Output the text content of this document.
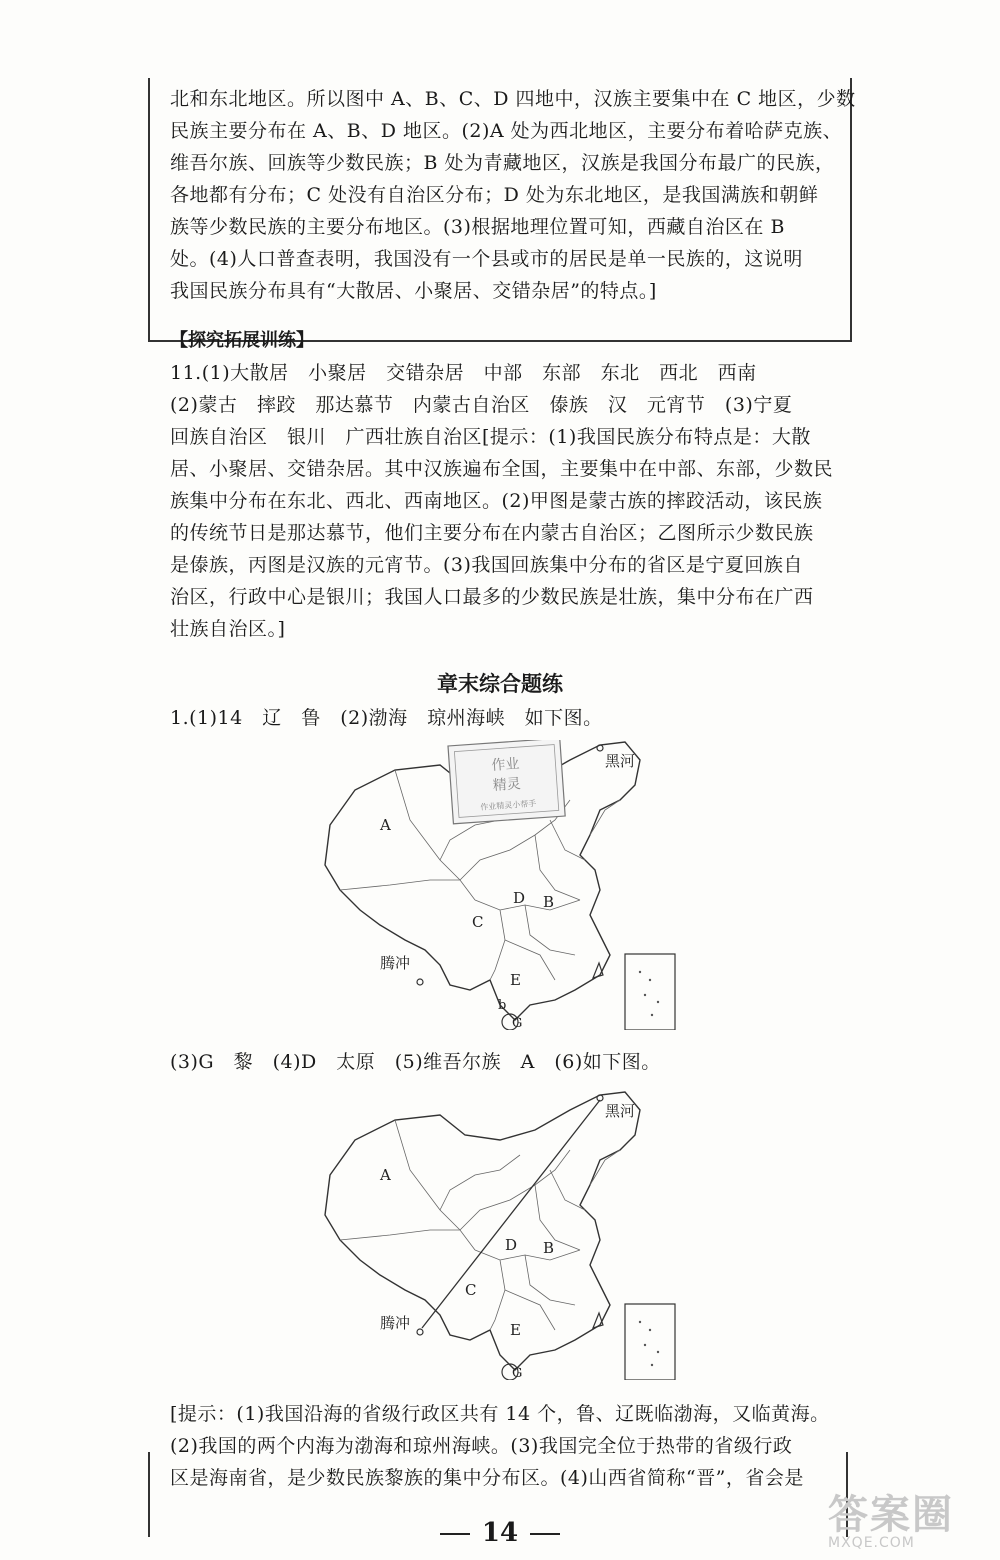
北和东北地区。所以图中 A、B、C、D 四地中，汉族主要集中在 C 地区，少数
民族主要分布在 A、B、D 地区。(2)A 处为西北地区，主要分布着哈萨克族、
维吾尔族、回族等少数民族；B 处为青藏地区，汉族是我国分布最广的民族，
各地都有分布；C 处没有自治区分布；D 处为东北地区，是我国满族和朝鲜
族等少数民族的主要分布地区。(3)根据地理位置可知，西藏自治区在 B
处。(4)人口普查表明，我国没有一个县或市的居民是单一民族的，这说明
我国民族分布具有“大散居、小聚居、交错杂居”的特点。]
【探究拓展训练】
11.(1)大散居　小聚居　交错杂居　中部　东部　东北　西北　西南
(2)蒙古　摔跤　那达慕节　内蒙古自治区　傣族　汉　元宵节　(3)宁夏
回族自治区　银川　广西壮族自治区[提示：(1)我国民族分布特点是：大散
居、小聚居、交错杂居。其中汉族遍布全国，主要集中在中部、东部，少数民
族集中分布在东北、西北、西南地区。(2)甲图是蒙古族的摔跤活动，该民族
的传统节日是那达慕节，他们主要分布在内蒙古自治区；乙图所示少数民族
是傣族，丙图是汉族的元宵节。(3)我国回族集中分布的省区是宁夏回族自
治区，行政中心是银川；我国人口最多的少数民族是壮族，集中分布在广西
壮族自治区。]
章末综合题练
1.(1)14　辽　鲁　(2)渤海　琼州海峡　如下图。
作业
精灵
作业精灵小帮手
黑河
腾冲
A
B
C
D
E
b
G
(3)G　黎　(4)D　太原　(5)维吾尔族　A　(6)如下图。
黑河
腾冲
A
B
C
D
E
G
[提示：(1)我国沿海的省级行政区共有 14 个，鲁、辽既临渤海，又临黄海。
(2)我国的两个内海为渤海和琼州海峡。(3)我国完全位于热带的省级行政
区是海南省，是少数民族黎族的集中分布区。(4)山西省简称“晋”，省会是
14	答案圈
MXQE.COM
